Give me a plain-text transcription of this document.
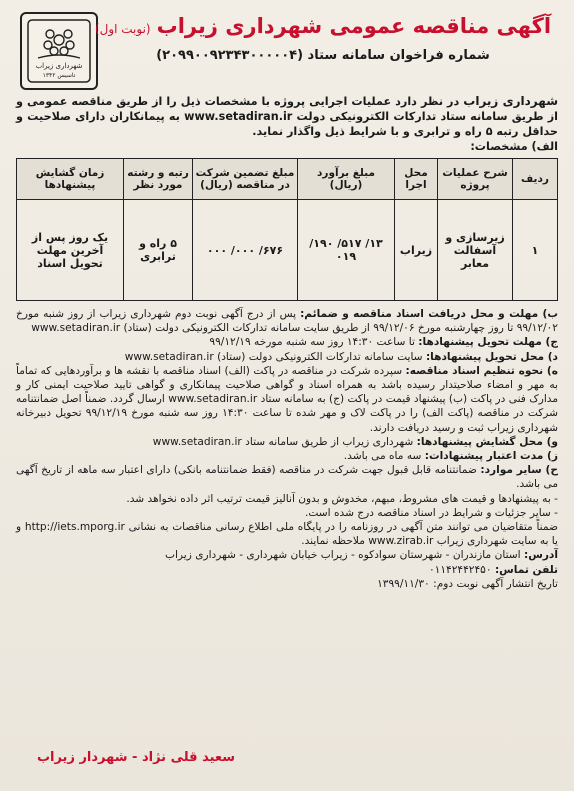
شهرداری زیراب
تاسیس ۱۳۴۲
آگهی مناقصه عمومی شهرداری زیراب(نوبت اول)
شماره فراخوان سامانه ستاد (۲۰۹۹۰۰۹۲۳۴۳۰۰۰۰۰۴)
شهرداری زیراب در نظر دارد عملیات اجرایی پروژه با مشخصات ذیل را از طریق مناقصه عمومی و از طریق سامانه ستاد تدارکات الکترونیکی دولت www.setadiran.ir به پیمانکاران دارای صلاحیت و حداقل رتبه ۵ راه و ترابری و با شرایط ذیل واگذار نماید.
الف) مشخصات:
ردیف	شرح عملیات پروژه	محل اجرا	مبلغ برآورد (ریال)	مبلغ تضمین شرکت در مناقصه (ریال)	رتبه و رشته مورد نظر	زمان گشایش پیشنهادها
۱	زیرسازی و آسفالت معابر	زیراب	۱۳/ ۵۱۷/ ۱۹۰/ ۰۱۹	۶۷۶/ ۰۰۰/ ۰۰۰	۵ راه و ترابری	یک روز پس از آخرین مهلت تحویل اسناد

ب) مهلت و محل دریافت اسناد مناقصه و ضمائم: پس از درج آگهی نوبت دوم شهرداری زیراب از روز شنبه مورخ ۹۹/۱۲/۰۲ تا روز چهارشنبه مورخ ۹۹/۱۲/۰۶ از طریق سایت سامانه تدارکات الکترونیکی دولت (ستاد) www.setadiran.ir

ج) مهلت تحویل پیشنهادها: تا ساعت ۱۴:۳۰ روز سه شنبه مورخه ۹۹/۱۲/۱۹

د) محل تحویل پیشنهادها: سایت سامانه تدارکات الکترونیکی دولت (ستاد) www.setadiran.ir

ه) نحوه تنظیم اسناد مناقصه: سپرده شرکت در مناقصه در پاکت (الف) اسناد مناقصه با نقشه ها و برآوردهایی که تماماً به مهر و امضاء صلاحیتدار رسیده باشد به همراه اسناد و گواهی صلاحیت پیمانکاری و گواهی تایید صلاحیت ایمنی کار و مدارک فنی در پاکت (ب) پیشنهاد قیمت در پاکت (ج) به سامانه ستاد www.setadiran.ir ارسال گردد. ضمناً اصل ضمانتنامه شرکت در مناقصه (پاکت الف) را در پاکت لاک و مهر شده تا ساعت ۱۴:۳۰ روز سه شنبه مورخ ۹۹/۱۲/۱۹ تحویل دبیرخانه شهرداری زیراب ثبت و رسید دریافت دارند.

و) محل گشایش پیشنهادها: شهرداری زیراب از طریق سامانه ستاد www.setadiran.ir

ز) مدت اعتبار پیشنهادات: سه ماه می باشد.

ح) سایر موارد: ضمانتنامه قابل قبول جهت شرکت در مناقصه (فقط ضمانتنامه بانکی) دارای اعتبار سه ماهه از تاریخ آگهی می باشد.

- به پیشنهادها و قیمت های مشروط، مبهم، مخدوش و بدون آنالیز قیمت ترتیب اثر داده نخواهد شد.

- سایر جزئیات و شرایط در اسناد مناقصه درج شده است.

ضمناً متقاضیان می توانند متن آگهی در روزنامه را در پایگاه ملی اطلاع رسانی مناقصات به نشانی http://iets.mporg.ir و یا به سایت شهرداری زیراب www.zirab.ir ملاحظه نمایند.

آدرس: استان مازندران - شهرستان سوادکوه - زیراب خیابان شهرداری - شهرداری زیراب

تلفن تماس: ۰۱۱۴۲۴۴۲۴۵۰

تاریخ انتشار آگهی نوبت دوم: ۱۳۹۹/۱۱/۳۰

سعید قلی نژاد - شهردار زیراب
